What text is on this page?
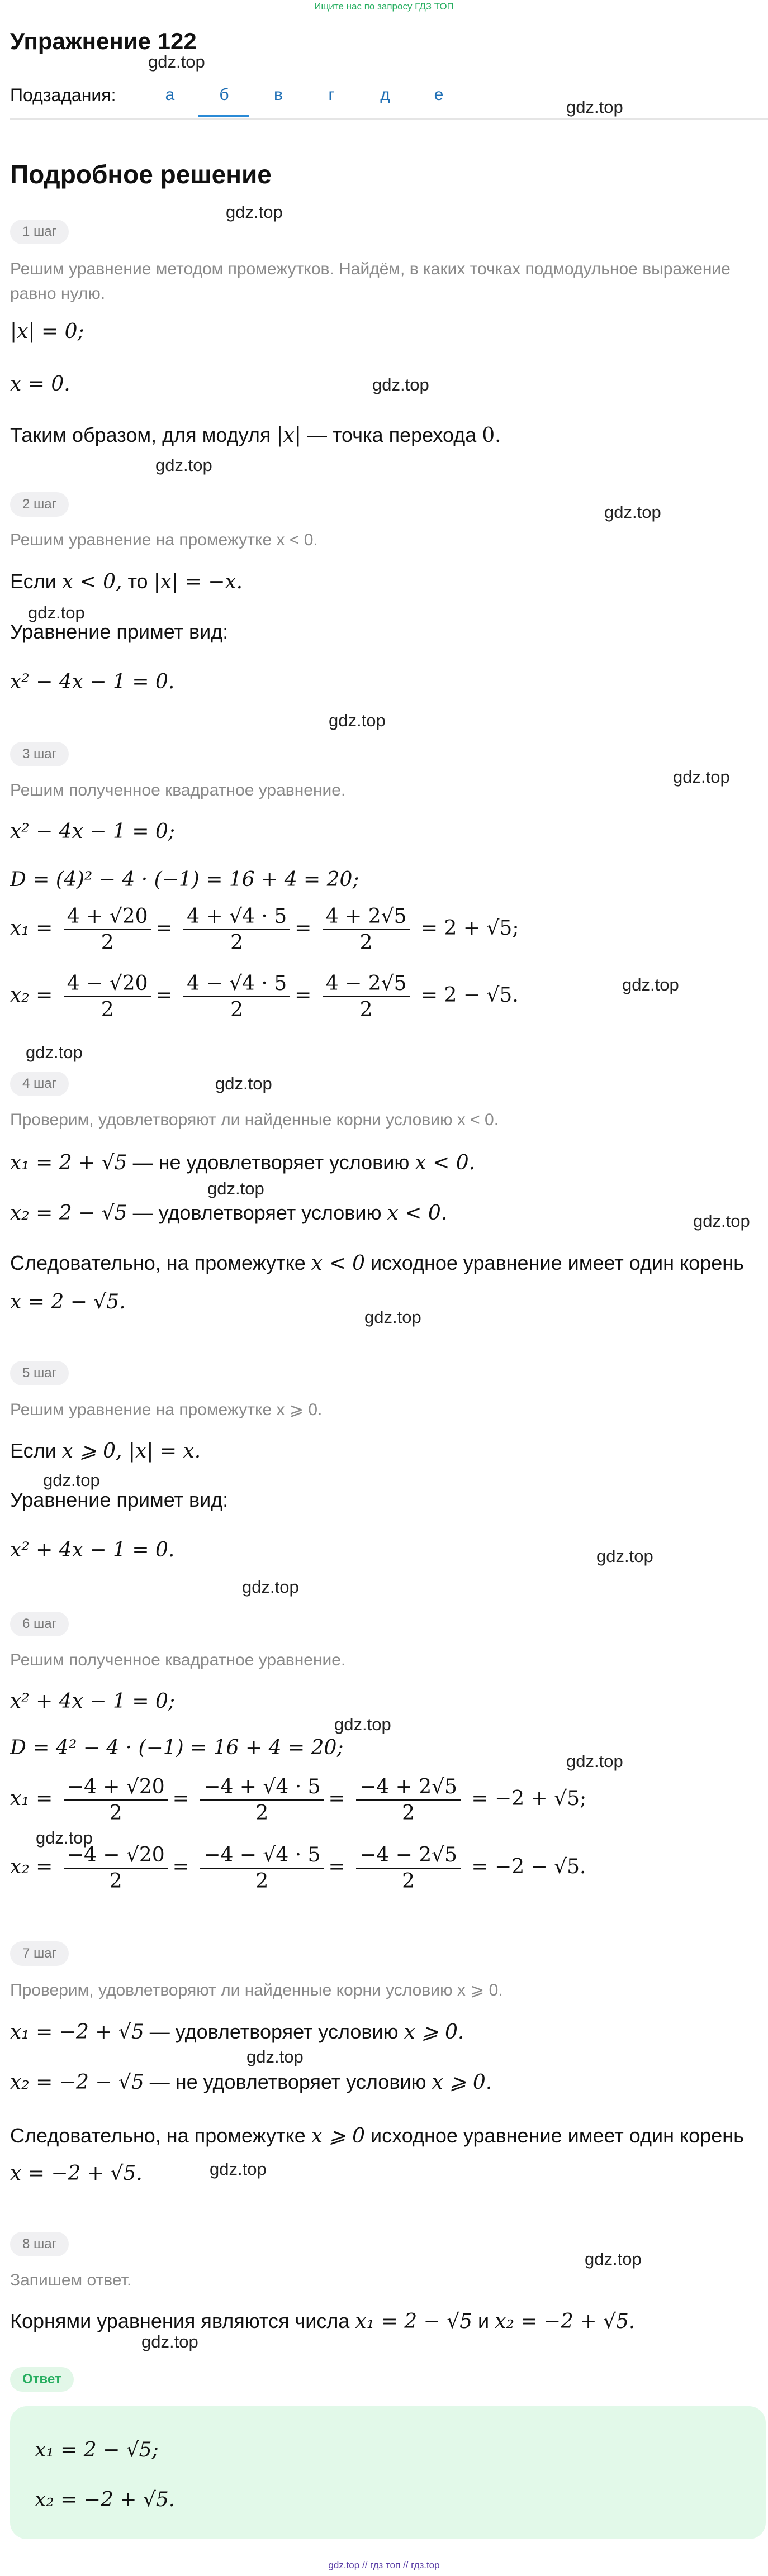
Ищите нас по запросу ГДЗ ТОП
Упражнение 122
Подзадания:	а	б	в	г	д	е
Подробное решение
gdz.top
gdz.top
gdz.top
gdz.top
gdz.top
gdz.top
gdz.top
gdz.top
gdz.top
gdz.top
gdz.top
gdz.top
gdz.top
gdz.top
gdz.top
gdz.top
gdz.top
gdz.top
gdz.top
gdz.top
gdz.top
gdz.top
gdz.top
gdz.top
gdz.top
1 шаг
Решим уравнение методом промежутков. Найдём, в каких точках подмодульное выражение равно нулю.
|x| = 0;
x = 0.
Таким образом, для модуля |x| — точка перехода 0.
2 шаг
Решим уравнение на промежутке x < 0.
Если x < 0, то |x| = −x.
Уравнение примет вид:
x² − 4x − 1 = 0.
3 шаг
Решим полученное квадратное уравнение.
x² − 4x − 1 = 0;
D = (4)² − 4 · (−1) = 16 + 4 = 20;
$x_1 = \frac{4 + √20}{2} = \frac{4 + √4 \cdot 5}{2} = \frac{4 + 2√5}{2} = 2 + √5$;
$x_2 = \frac{4 - √20}{2} = \frac{4 - √4 \cdot 5}{2} = \frac{4 - 2√5}{2} = 2 - √5$.
4 шаг
Проверим, удовлетворяют ли найденные корни условию x < 0.
x₁ = 2 + √5 — не удовлетворяет условию x < 0.
x₂ = 2 − √5 — удовлетворяет условию x < 0.
Следовательно, на промежутке x < 0 исходное уравнение имеет один корень
x = 2 − √5.
5 шаг
Решим уравнение на промежутке x ⩾ 0.
Если x ⩾ 0, |x| = x.
Уравнение примет вид:
x² + 4x − 1 = 0.
6 шаг
Решим полученное квадратное уравнение.
x² + 4x − 1 = 0;
D = 4² − 4 · (−1) = 16 + 4 = 20;
$x_1 = \frac{-4 + √20}{2} = \frac{-4 + √4 \cdot 5}{2} = \frac{-4 + 2√5}{2} = -2 + √5$;
$x_2 = \frac{-4 - √20}{2} = \frac{-4 - √4 \cdot 5}{2} = \frac{-4 - 2√5}{2} = -2 - √5$.
7 шаг
Проверим, удовлетворяют ли найденные корни условию x ⩾ 0.
x₁ = −2 + √5 — удовлетворяет условию x ⩾ 0.
x₂ = −2 − √5 — не удовлетворяет условию x ⩾ 0.
Следовательно, на промежутке x ⩾ 0 исходное уравнение имеет один корень
x = −2 + √5.
8 шаг
Запишем ответ.
Корнями уравнения являются числа x₁ = 2 − √5 и x₂ = −2 + √5.
Ответ
x₁ = 2 − √5;
x₂ = −2 + √5.
gdz.top // гдз топ // гдз.top
